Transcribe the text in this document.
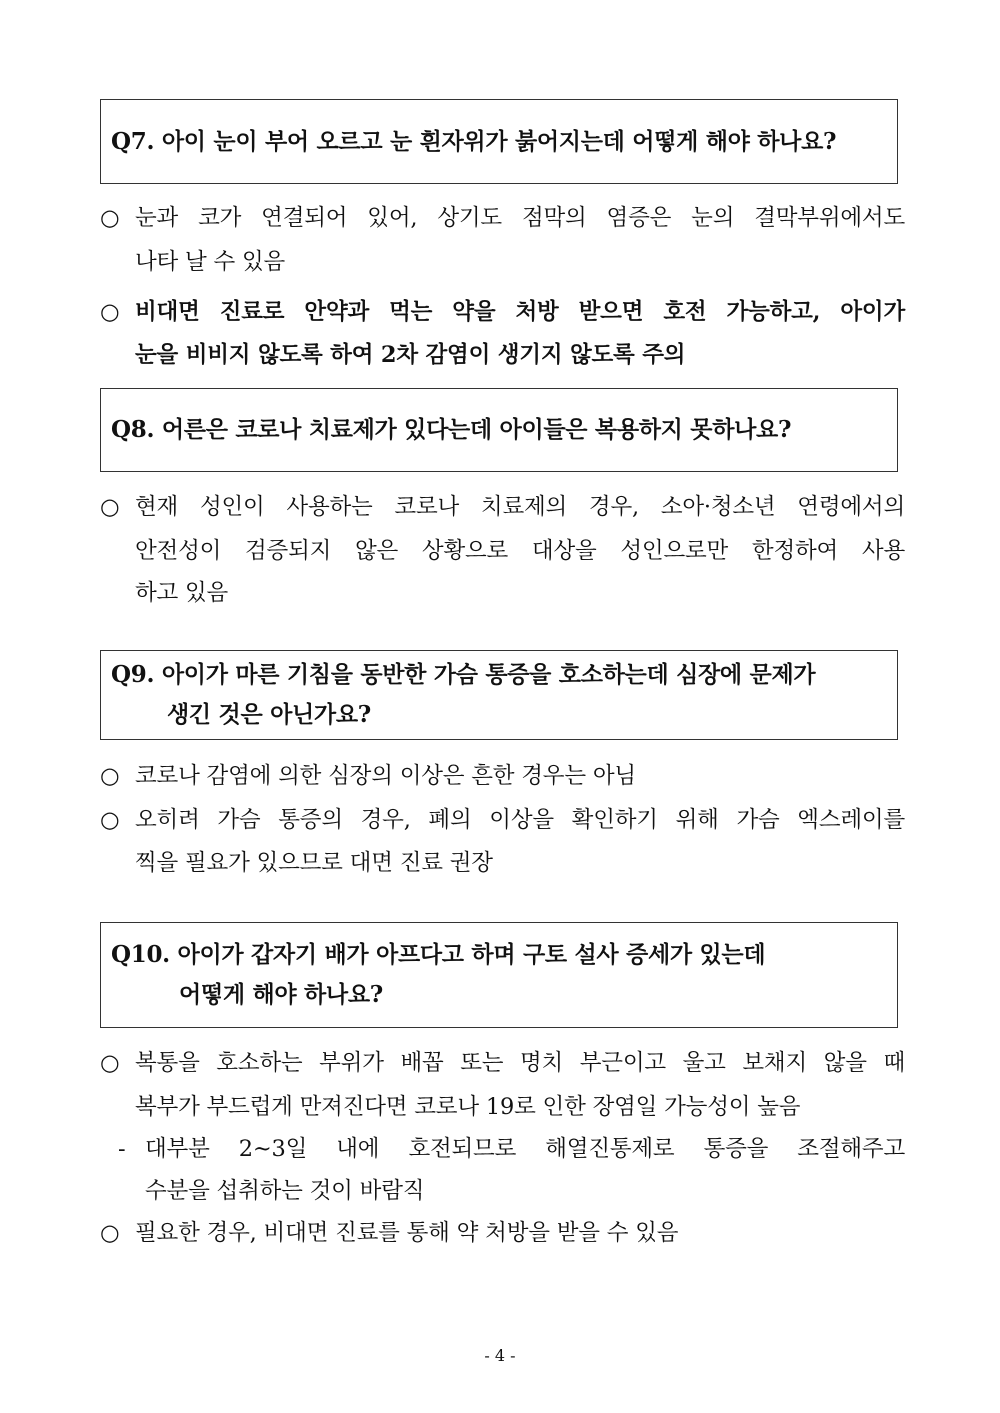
Q7. 아이 눈이 부어 오르고 눈 흰자위가 붉어지는데 어떻게 해야 하나요?
○ 눈과 코가 연결되어 있어, 상기도 점막의 염증은 눈의 결막부위에서도
나타 날 수 있음
○ 비대면 진료로 안약과 먹는 약을 처방 받으면 호전 가능하고, 아이가
눈을 비비지 않도록 하여 2차 감염이 생기지 않도록 주의
Q8. 어른은 코로나 치료제가 있다는데 아이들은 복용하지 못하나요?
○ 현재 성인이 사용하는 코로나 치료제의 경우, 소아·청소년 연령에서의
안전성이 검증되지 않은 상황으로 대상을 성인으로만 한정하여 사용
하고 있음
Q9. 아이가 마른 기침을 동반한 가슴 통증을 호소하는데 심장에 문제가
생긴 것은 아닌가요?
○ 코로나 감염에 의한 심장의 이상은 흔한 경우는 아님
○ 오히려 가슴 통증의 경우, 폐의 이상을 확인하기 위해 가슴 엑스레이를
찍을 필요가 있으므로 대면 진료 권장
Q10. 아이가 갑자기 배가 아프다고 하며 구토 설사 증세가 있는데
어떻게 해야 하나요?
○ 복통을 호소하는 부위가 배꼽 또는 명치 부근이고 울고 보채지 않을 때
복부가 부드럽게 만져진다면 코로나 19로 인한 장염일 가능성이 높음
- 대부분 2~3일 내에 호전되므로 해열진통제로 통증을 조절해주고
수분을 섭취하는 것이 바람직
○ 필요한 경우, 비대면 진료를 통해 약 처방을 받을 수 있음
- 4 -
